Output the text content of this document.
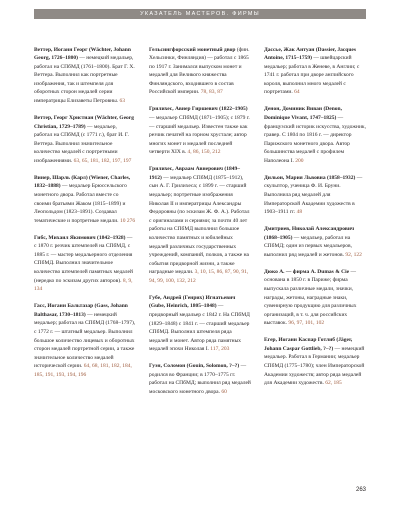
УКАЗАТЕЛЬ МАСТЕРОВ. ФИРМЫ

Веттер, Иоганн Георг (Wächter, Johann Georg, 1726–1800) — немецкий медальер, работал на СПбМД (1761–1800). Брат Г. Х. Веттера. Выполнил как портретные изображения, так и штемпеля для оборотных сторон медалей серии императрицы Елизаветы Петровны. 63

Веттер, Георг Христиан (Wächter, Georg Christian, 1729–1789) — медальер, работал на СПбМД (с 1771 г.), брат И. Г. Веттера. Выполнил значительное количество медалей с портретными изображениями. 63, 65, 181, 182, 197, 197

Винер, Шарль (Карл) (Wiener, Charles, 1832–1888) — медальер Брюссельского монетного двора. Работал вместе со своими братьями Жаком (1815–1899) и Леопольдом (1823–1891). Создавал тематические и портретные медали. 10 276

Гибс, Михаил Якимович (1842–1928) — с 1870 г. резчик штемпелей на СПбМД, с 1885 г. — мастер медальерного отделения СПбМД. Выполнил значительное количество штемпелей памятных медалей (нередко по эскизам других авторов). 8, 9, 134

Гасс, Иоганн Бальтазар (Gass, Johann Balthasar, 1730–1813) — немецкий медальер; работал на СПбМД (1768–1797), с 1772 г. — штатный медальер. Выполнил большое количество лицевых и оборотных сторон медалей портретной серии, а также значительное количество медалей исторической серии. 64, 68, 181, 182, 184, 185, 191, 193, 194, 196

Гельсингфорсский монетный двор (фин. Хельсинки, Финляндия) — работал с 1865 по 1917 г. Занимался выпуском монет и медалей для Великого княжества Финляндского, входившего в состав Российской империи. 78, 83, 87

Грилихес, Авнер Гиршевич (1822–1905) — медальер СПбМД (1871–1905); с 1879 г. — старший медальер. Известен также как резчик печатей на горном хрустале; автор многих монет и медалей последней четверти XIX в. 4, 86, 150, 212

Грилихес, Авраам Авнерович (1849–1912) — медальер СПбМД (1875–1912), сын А. Г. Грилихеса; с 1899 г. — старший медальер; портретные изображения Николая II и императрицы Александры Федоровны (по эскизам Ж. Ф. А.). Работал с оригиналами и сериями; за почти 40 лет работы на СПбМД выполнил большое количество памятных и юбилейных медалей различных государственных учреждений, компаний, полков, а также на события придворной жизни, а также наградные медали. 3, 10, 15, 86, 87, 90, 91, 94, 99, 100, 132, 212

Губе, Андрей (Генрих) Игнатьевич (Gube, Heinrich, 1805–1848) — придворный медальер с 1842 г. На СПбМД (1829–1848) с 1841 г. — старший медальер СПбМД. Выполнил штемпеля ряда медалей и монет. Автор ряда памятных медалей эпохи Николая I. 117, 203

Гуэн, Соломон (Gouin, Solomon, ?–?) — родился во Франции; в 1770–1775 гг. работал на СПбМД; выполнил ряд медалей московского монетного двора. 60

Дассье, Жак Антуан (Dassier, Jacques Antoine, 1715–1759) — швейцарский медальер; работал в Женеве, в Англии; с 1741 г. работал при дворе английского короля, выполнил много медалей с портретами. 64

Денон, Доминик Виван (Denon, Dominique Vivant, 1747–1825) — французский историк искусства, художник, гравер. С 1804 по 1816 г. — директор Парижского монетного двора. Автор большинства медалей с профилем Наполеона I. 200

Дильон, Мария Львовна (1858–1932) — скульптор, ученица Ф. И. Бруни. Выполнила ряд медалей для Императорской Академии художеств в 1903–1911 гг. 48

Дмитриев, Николай Александрович (1868–1905) — медальер, работал на СПбМД; один из первых медальеров, выполнил ряд медалей и жетонов. 92, 122

Дюко А. — фирма A. Dumas & Cie — основана в 1850 г. в Париже; фирма выпускала различные медали, значки, награды, жетоны, наградные знаки, сувенирную продукцию для различных организаций, в т. ч. для российских выставок. 96, 97, 101, 102

Егер, Иоганн Каспар Готлиб (Jäger, Johann Caspar Gottlieb, ?–?) — немецкий медальер. Работал в Германии; медальер СПбМД (1775–1780); член Императорской Академии художеств; автор ряда медалей для Академии художеств. 62, 185

263
